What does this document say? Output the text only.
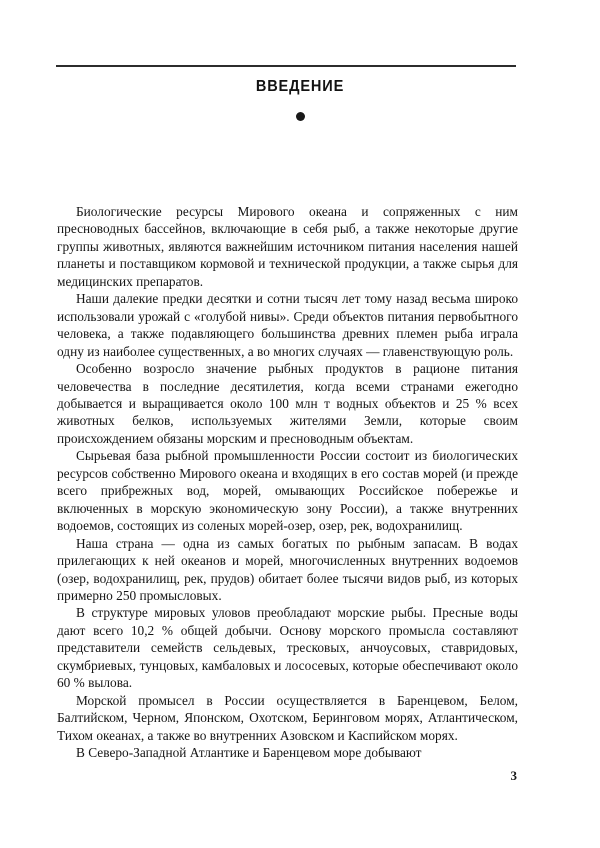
ВВЕДЕНИЕ

Биологические ресурсы Мирового океана и сопряженных с ним пресноводных бассейнов, включающие в себя рыб, а также некоторые другие группы животных, являются важнейшим источником питания населения нашей планеты и поставщиком кормовой и технической продукции, а также сырья для медицинских препаратов.

Наши далекие предки десятки и сотни тысяч лет тому назад весьма широко использовали урожай с «голубой нивы». Среди объектов питания первобытного человека, а также подавляющего большинства древних племен рыба играла одну из наиболее существенных, а во многих случаях — главенствующую роль.

Особенно возросло значение рыбных продуктов в рационе питания человечества в последние десятилетия, когда всеми странами ежегодно добывается и выращивается около 100 млн т водных объектов и 25 % всех животных белков, используемых жителями Земли, которые своим происхождением обязаны морским и пресноводным объектам.

Сырьевая база рыбной промышленности России состоит из биологических ресурсов собственно Мирового океана и входящих в его состав морей (и прежде всего прибрежных вод, морей, омывающих Российское побережье и включенных в морскую экономическую зону России), а также внутренних водоемов, состоящих из соленых морей-озер, озер, рек, водохранилищ.

Наша страна — одна из самых богатых по рыбным запасам. В водах прилегающих к ней океанов и морей, многочисленных внутренних водоемов (озер, водохранилищ, рек, прудов) обитает более тысячи видов рыб, из которых примерно 250 промысловых.

В структуре мировых уловов преобладают морские рыбы. Пресные воды дают всего 10,2 % общей добычи. Основу морского промысла составляют представители семейств сельдевых, тресковых, анчоусовых, ставридовых, скумбриевых, тунцовых, камбаловых и лососевых, которые обеспечивают около 60 % вылова.

Морской промысел в России осуществляется в Баренцевом, Белом, Балтийском, Черном, Японском, Охотском, Беринговом морях, Атлантическом, Тихом океанах, а также во внутренних Азовском и Каспийском морях.

В Северо-Западной Атлантике и Баренцевом море добывают

3
